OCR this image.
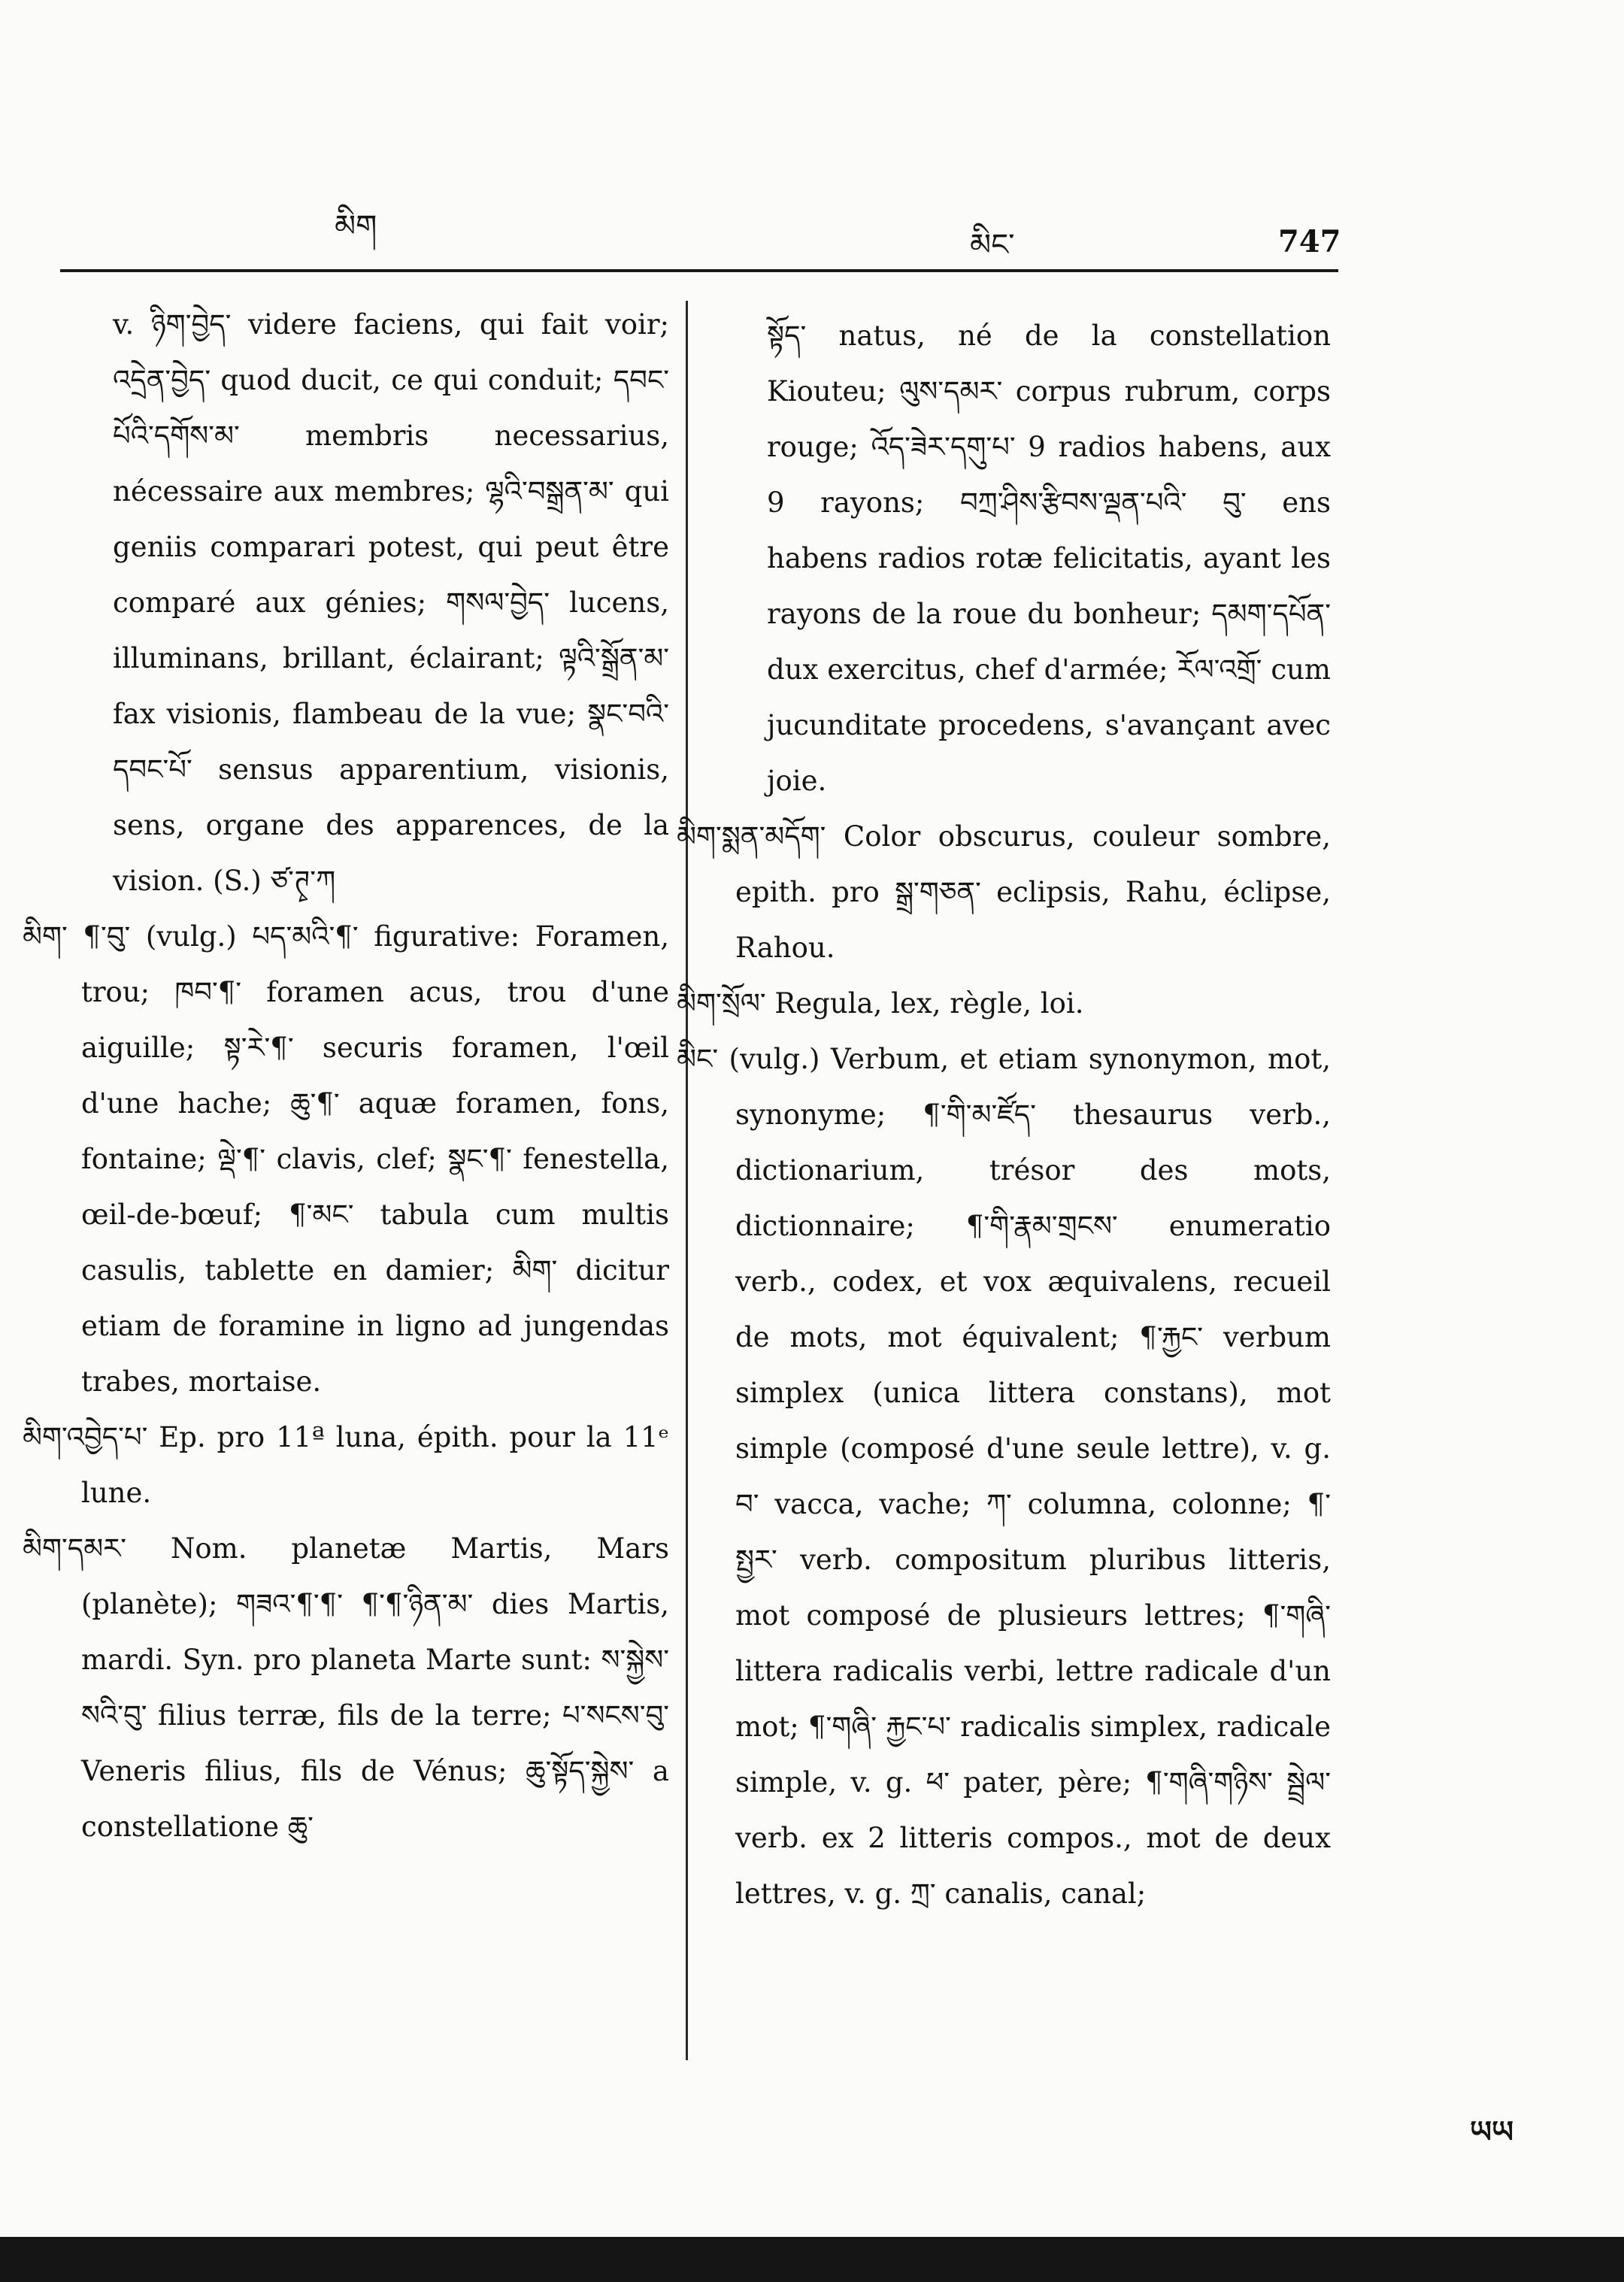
མིག
མིང་	747
v. ཉིག་བྱེད་ videre faciens, qui fait voir; འདྲེན་བྱེད་ quod ducit, ce qui conduit; དབང་པོའི་དགོས་མ་ membris necessarius, nécessaire aux membres; ལྷའི་བསྒྲན་མ་ qui geniis comparari potest, qui peut être comparé aux génies; གསལ་བྱེད་ lucens, illuminans, brillant, éclairant; ལྟའི་སྒྲོན་མ་ fax visionis, flambeau de la vue; སྣང་བའི་དབང་པོ་ sensus apparentium, visionis, sens, organe des apparences, de la vision. (S.) ཙ་ཊྭ་ཀ
མིག་ ¶་བུ་ (vulg.) པད་མའི་¶་ figurative: Foramen, trou; ཁབ་¶་ foramen acus, trou d'une aiguille; སྟ་རེ་¶་ securis foramen, l'œil d'une hache; ཆུ་¶་ aquæ foramen, fons, fontaine; ལྡེ་¶་ clavis, clef; སྣང་¶་ fenestella, œil-de-bœuf; ¶་མང་ tabula cum multis casulis, tablette en damier; མིག་ dicitur etiam de foramine in ligno ad jungendas trabes, mortaise.
མིག་འབྱེད་པ་ Ep. pro 11ª luna, épith. pour la 11ᵉ lune.
མིག་དམར་ Nom. planetæ Martis, Mars (planète); གཟའ་¶་¶་ ¶་¶་ཉིན་མ་ dies Martis, mardi. Syn. pro planeta Marte sunt: ས་སྐྱེས་ སའི་བུ་ filius terræ, fils de la terre; པ་སངས་བུ་ Veneris filius, fils de Vénus; ཆུ་སྟོད་སྐྱེས་ a constellatione ཆུ་
སྟོད་ natus, né de la constellation Kiouteu; ལུས་དམར་ corpus rubrum, corps rouge; འོད་ཟེར་དགུ་པ་ 9 radios habens, aux 9 rayons; བཀྲ་ཤིས་རྩིབས་ལྡན་པའི་ བུ་ ens habens radios rotæ felicitatis, ayant les rayons de la roue du bonheur; དམག་དཔོན་ dux exercitus, chef d'armée; རོལ་འགྲོ་ cum jucunditate procedens, s'avançant avec joie.
མིག་སྨན་མདོག་ Color obscurus, couleur sombre, epith. pro སྒྲ་གཅན་ eclipsis, Rahu, éclipse, Rahou.
མིག་སྲོལ་ Regula, lex, règle, loi.
མིང་ (vulg.) Verbum, et etiam synonymon, mot, synonyme; ¶་གི་མ་ཛོད་ thesaurus verb., dictionarium, trésor des mots, dictionnaire; ¶་གི་རྣམ་གྲངས་ enumeratio verb., codex, et vox æquivalens, recueil de mots, mot équivalent; ¶་རྐྱང་ verbum simplex (unica littera constans), mot simple (composé d'une seule lettre), v. g. བ་ vacca, vache; ཀ་ columna, colonne; ¶་སྤྱར་ verb. compositum pluribus litteris, mot composé de plusieurs lettres; ¶་གཞི་ littera radicalis verbi, lettre radicale d'un mot; ¶་གཞི་ རྐྱང་པ་ radicalis simplex, radicale simple, v. g. ཕ་ pater, père; ¶་གཞི་གཉིས་ སྦྲེལ་ verb. ex 2 litteris compos., mot de deux lettres, v. g. ཀྲ་ canalis, canal;
ཡཡ
